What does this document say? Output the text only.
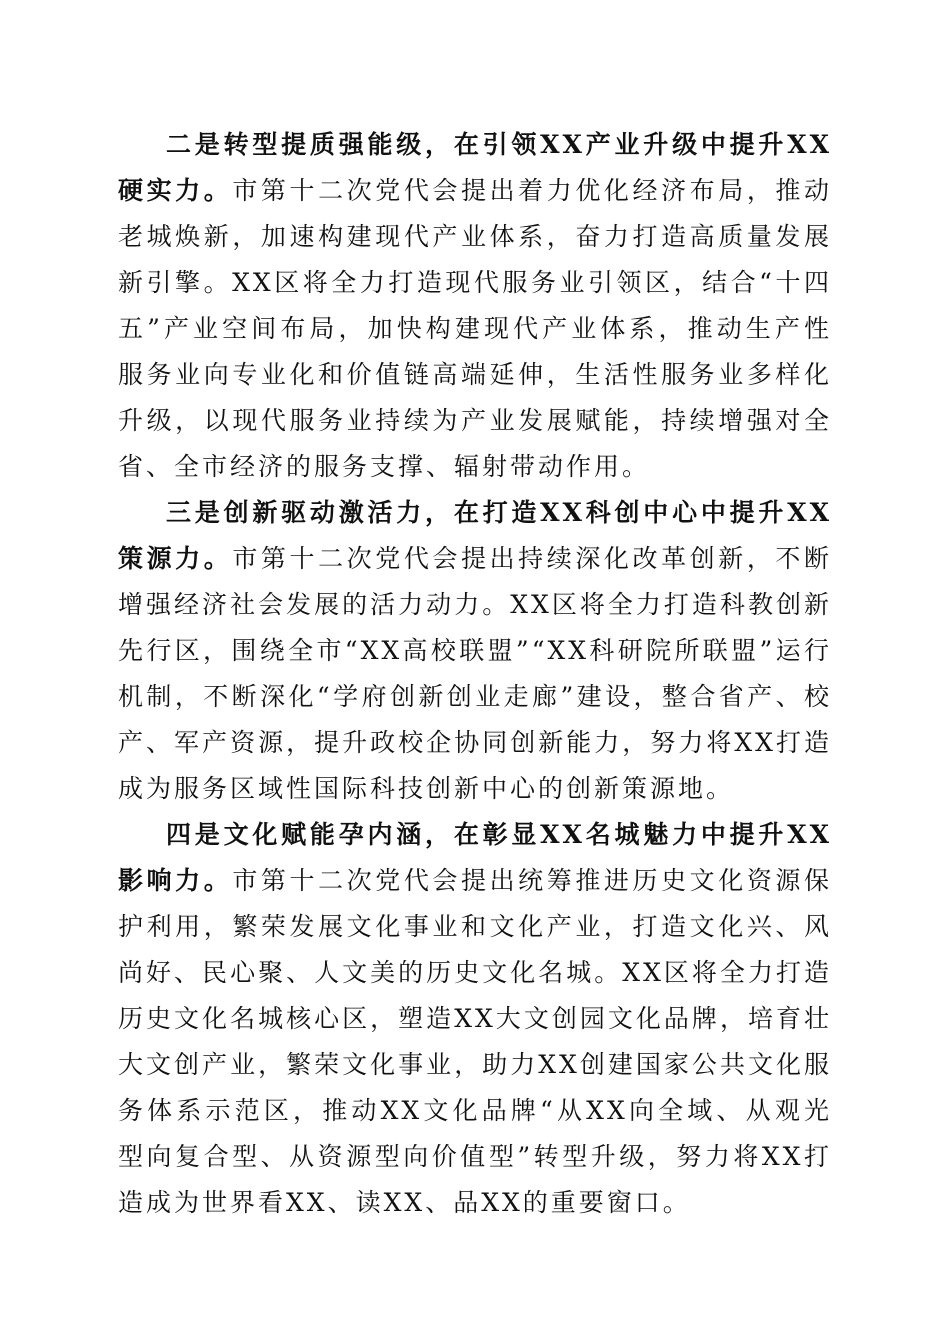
二是转型提质强能级，在引领XX产业升级中提升XX硬实力。市第十二次党代会提出着力优化经济布局，推动老城焕新，加速构建现代产业体系，奋力打造高质量发展新引擎。XX区将全力打造现代服务业引领区，结合“十四五”产业空间布局，加快构建现代产业体系，推动生产性服务业向专业化和价值链高端延伸，生活性服务业多样化升级，以现代服务业持续为产业发展赋能，持续增强对全省、全市经济的服务支撑、辐射带动作用。

三是创新驱动激活力，在打造XX科创中心中提升XX策源力。市第十二次党代会提出持续深化改革创新，不断增强经济社会发展的活力动力。XX区将全力打造科教创新先行区，围绕全市“XX高校联盟”“XX科研院所联盟”运行机制，不断深化“学府创新创业走廊”建设，整合省产、校产、军产资源，提升政校企协同创新能力，努力将XX打造成为服务区域性国际科技创新中心的创新策源地。

四是文化赋能孕内涵，在彰显XX名城魅力中提升XX影响力。市第十二次党代会提出统筹推进历史文化资源保护利用，繁荣发展文化事业和文化产业，打造文化兴、风尚好、民心聚、人文美的历史文化名城。XX区将全力打造历史文化名城核心区，塑造XX大文创园文化品牌，培育壮大文创产业，繁荣文化事业，助力XX创建国家公共文化服务体系示范区，推动XX文化品牌“从XX向全域、从观光型向复合型、从资源型向价值型”转型升级，努力将XX打造成为世界看XX、读XX、品XX的重要窗口。
